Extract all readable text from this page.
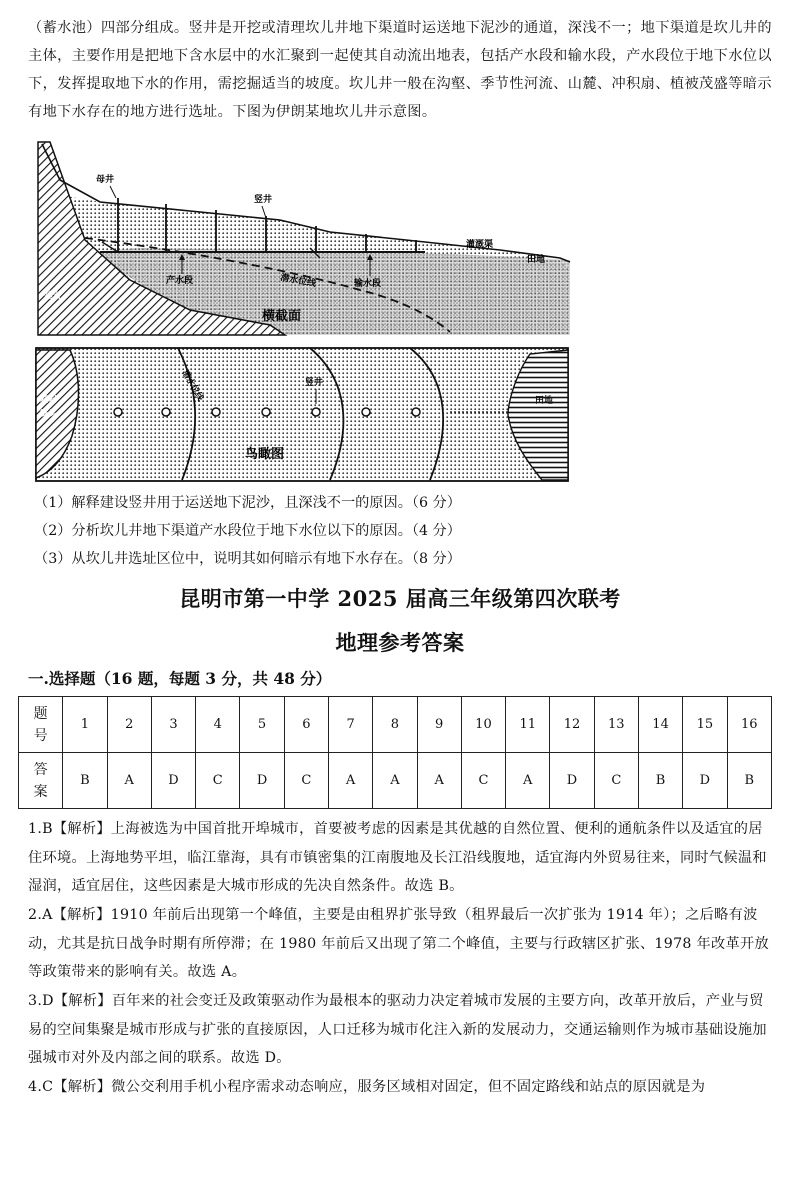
（蓄水池）四部分组成。竖井是开挖或清理坎儿井地下渠道时运送地下泥沙的通道，深浅不一；地下渠道是坎儿井的主体，主要作用是把地下含水层中的水汇聚到一起使其自动流出地表，包括产水段和输水段，产水段位于地下水位以下，发挥提取地下水的作用，需挖掘适当的坡度。坎儿井一般在沟壑、季节性河流、山麓、冲积扇、植被茂盛等暗示有地下水存在的地方进行选址。下图为伊朗某地坎儿井示意图。

母井
竖井
灌溉渠
田地
产水段	潜水位线	输水段
基岩
横截面
基岩
露头
潜水位线	竖井
田地
鸟瞰图

（1）解释建设竖井用于运送地下泥沙，且深浅不一的原因。（6 分）

（2）分析坎儿井地下渠道产水段位于地下水位以下的原因。（4 分）

（3）从坎儿井选址区位中，说明其如何暗示有地下水存在。（8 分）

昆明市第一中学 2025 届高三年级第四次联考
地理参考答案

一.选择题（16 题，每题 3 分，共 48 分）

题
号	1	2	3	4	5	6	7	8	9	10	11	12	13	14	15	16
答
案	B	A	D	C	D	C	A	A	A	C	A	D	C	B	D	B

1.B【解析】上海被选为中国首批开埠城市，首要被考虑的因素是其优越的自然位置、便利的通航条件以及适宜的居住环境。上海地势平坦，临江靠海，具有市镇密集的江南腹地及长江沿线腹地，适宜海内外贸易往来，同时气候温和湿润，适宜居住，这些因素是大城市形成的先决自然条件。故选 B。

2.A【解析】1910 年前后出现第一个峰值，主要是由租界扩张导致（租界最后一次扩张为 1914 年）；之后略有波动，尤其是抗日战争时期有所停滞；在 1980 年前后又出现了第二个峰值，主要与行政辖区扩张、1978 年改革开放等政策带来的影响有关。故选 A。

3.D【解析】百年来的社会变迁及政策驱动作为最根本的驱动力决定着城市发展的主要方向，改革开放后，产业与贸易的空间集聚是城市形成与扩张的直接原因，人口迁移为城市化注入新的发展动力，交通运输则作为城市基础设施加强城市对外及内部之间的联系。故选 D。

4.C【解析】微公交利用手机小程序需求动态响应，服务区域相对固定，但不固定路线和站点的原因就是为
